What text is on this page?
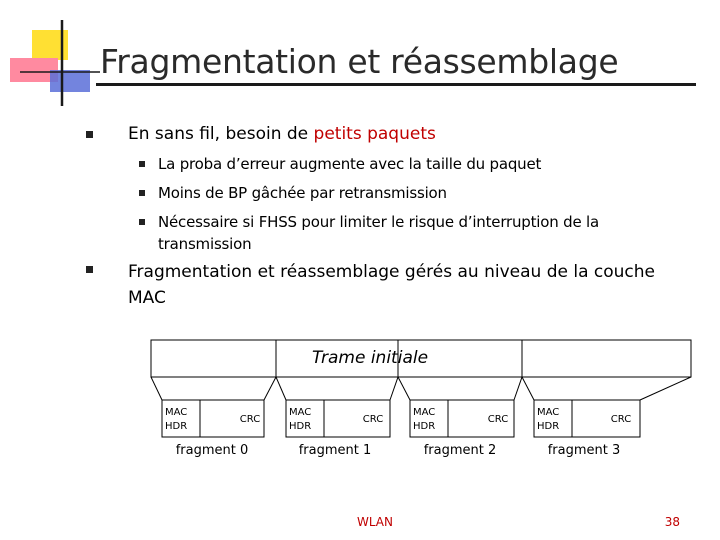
Fragmentation et réassemblage
En sans fil, besoin de petits paquets
La proba d’erreur augmente avec la taille du paquet
Moins de BP gâchée par retransmission
Nécessaire si FHSS pour limiter le risque d’interruption de la transmission
Fragmentation et réassemblage gérés au niveau de la couche MAC
Trame initiale
MAC
HDR
CRC
fragment 0
MAC
HDR
CRC
fragment 1
MAC
HDR
CRC
fragment 2
MAC
HDR
CRC
fragment 3
WLAN	38
